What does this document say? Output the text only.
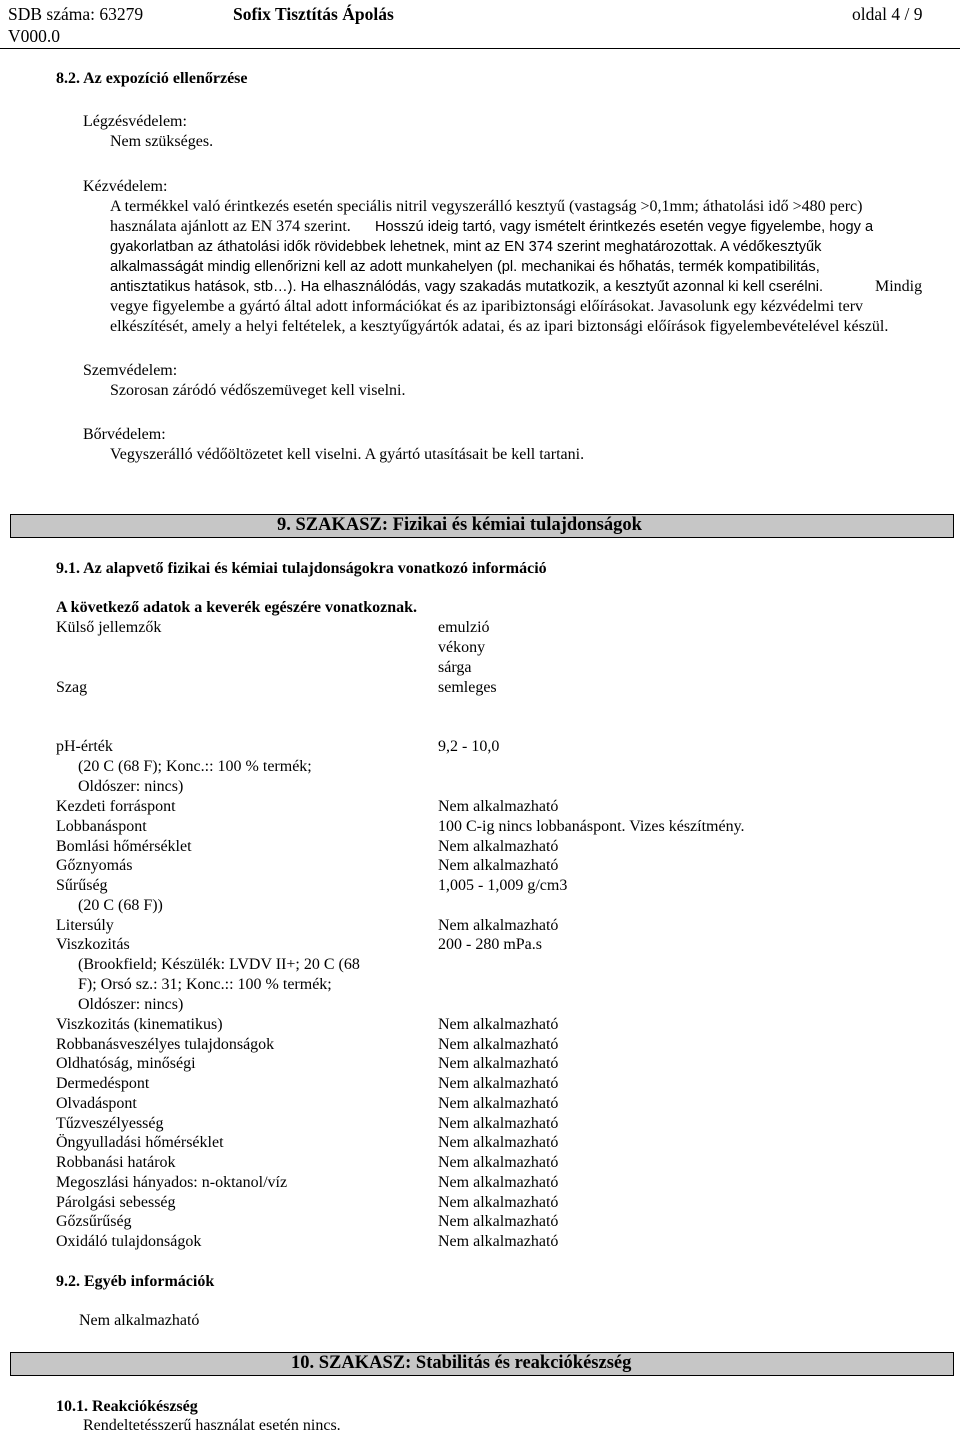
SDB száma: 63279
V000.0
Sofix Tisztítás Ápolás	oldal 4 / 9
8.2. Az expozíció ellenőrzése
Légzésvédelem:
Nem szükséges.
Kézvédelem:
A termékkel való érintkezés esetén speciális nitril vegyszerálló kesztyű (vastagság >0,1mm; áthatolási idő >480 perc)
használata ajánlott az EN 374 szerint. Hosszú ideig tartó, vagy ismételt érintkezés esetén vegye figyelembe, hogy a
gyakorlatban az áthatolási idők rövidebbek lehetnek, mint az EN 374 szerint meghatározottak. A védőkesztyűk
alkalmasságát mindig ellenőrizni kell az adott munkahelyen (pl. mechanikai és hőhatás, termék kompatibilitás,
antisztatikus hatások, stb…). Ha elhasználódás, vagy szakadás mutatkozik, a kesztyűt azonnal ki kell cserélni.	Mindig
vegye figyelembe a gyártó által adott információkat és az iparibiztonsági előírásokat. Javasolunk egy kézvédelmi terv
elkészítését, amely a helyi feltételek, a kesztyűgyártók adatai, és az ipari biztonsági előírások figyelembevételével készül.
Szemvédelem:
Szorosan záródó védőszemüveget kell viselni.
Bőrvédelem:
Vegyszerálló védőöltözetet kell viselni. A gyártó utasításait be kell tartani.
9. SZAKASZ: Fizikai és kémiai tulajdonságok
9.1. Az alapvető fizikai és kémiai tulajdonságokra vonatkozó információ
A következő adatok a keverék egészére vonatkoznak.
Külső jellemzők	emulzió
vékony
sárga
Szag	semleges
pH-érték	9,2 - 10,0
(20 C (68 F); Konc.:: 100 % termék;
Oldószer: nincs)
Kezdeti forráspont	Nem alkalmazható
Lobbanáspont	100 C-ig nincs lobbanáspont. Vizes készítmény.
Bomlási hőmérséklet	Nem alkalmazható
Gőznyomás	Nem alkalmazható
Sűrűség	1,005 - 1,009 g/cm3
(20 C (68 F))
Litersúly	Nem alkalmazható
Viszkozitás	200 - 280 mPa.s
(Brookfield; Készülék: LVDV II+; 20 C (68
F); Orsó sz.: 31; Konc.:: 100 % termék;
Oldószer: nincs)
Viszkozitás (kinematikus)	Nem alkalmazható
Robbanásveszélyes tulajdonságok	Nem alkalmazható
Oldhatóság, minőségi	Nem alkalmazható
Dermedéspont	Nem alkalmazható
Olvadáspont	Nem alkalmazható
Tűzveszélyesség	Nem alkalmazható
Öngyulladási hőmérséklet	Nem alkalmazható
Robbanási határok	Nem alkalmazható
Megoszlási hányados: n-oktanol/víz	Nem alkalmazható
Párolgási sebesség	Nem alkalmazható
Gőzsűrűség	Nem alkalmazható
Oxidáló tulajdonságok	Nem alkalmazható
9.2. Egyéb információk
Nem alkalmazható
10. SZAKASZ: Stabilitás és reakciókészség
10.1. Reakciókészség
Rendeltetésszerű használat esetén nincs.
